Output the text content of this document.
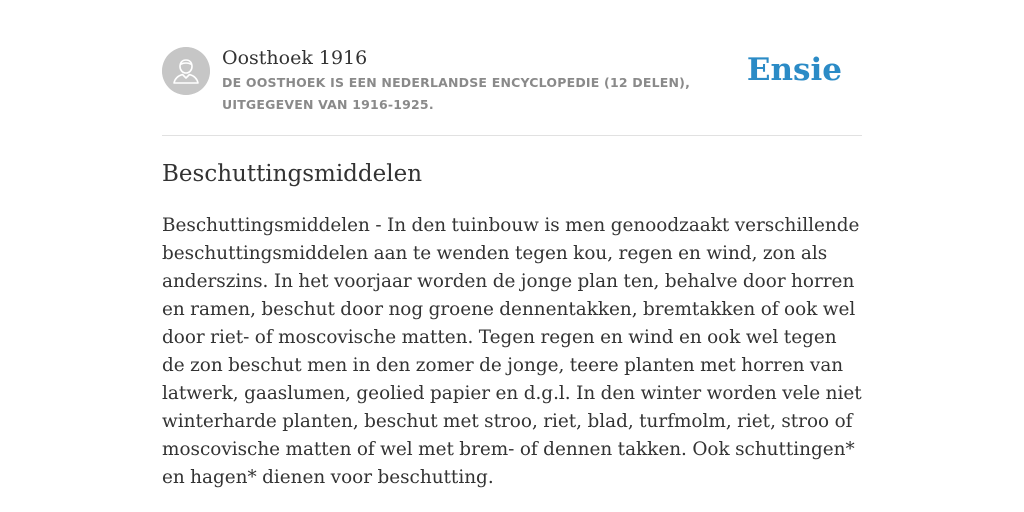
Oosthoek 1916
DE OOSTHOEK IS EEN NEDERLANDSE ENCYCLOPEDIE (12 DELEN), UITGEGEVEN VAN 1916-1925.
Ensie
Beschuttingsmiddelen

Beschuttingsmiddelen - In den tuinbouw is men genoodzaakt verschillende beschuttingsmiddelen aan te wenden tegen kou, regen en wind, zon als anderszins. In het voorjaar worden de jonge plan ten, behalve door horren en ramen, beschut door nog groene dennentakken, bremtakken of ook wel door riet- of moscovische matten. Tegen regen en wind en ook wel tegen de zon beschut men in den zomer de jonge, teere planten met horren van latwerk, gaaslumen, geolied papier en d.g.l. In den winter worden vele niet winterharde planten, beschut met stroo, riet, blad, turfmolm, riet, stroo of moscovische matten of wel met brem- of dennen takken. Ook schuttingen* en hagen* dienen voor beschutting.
